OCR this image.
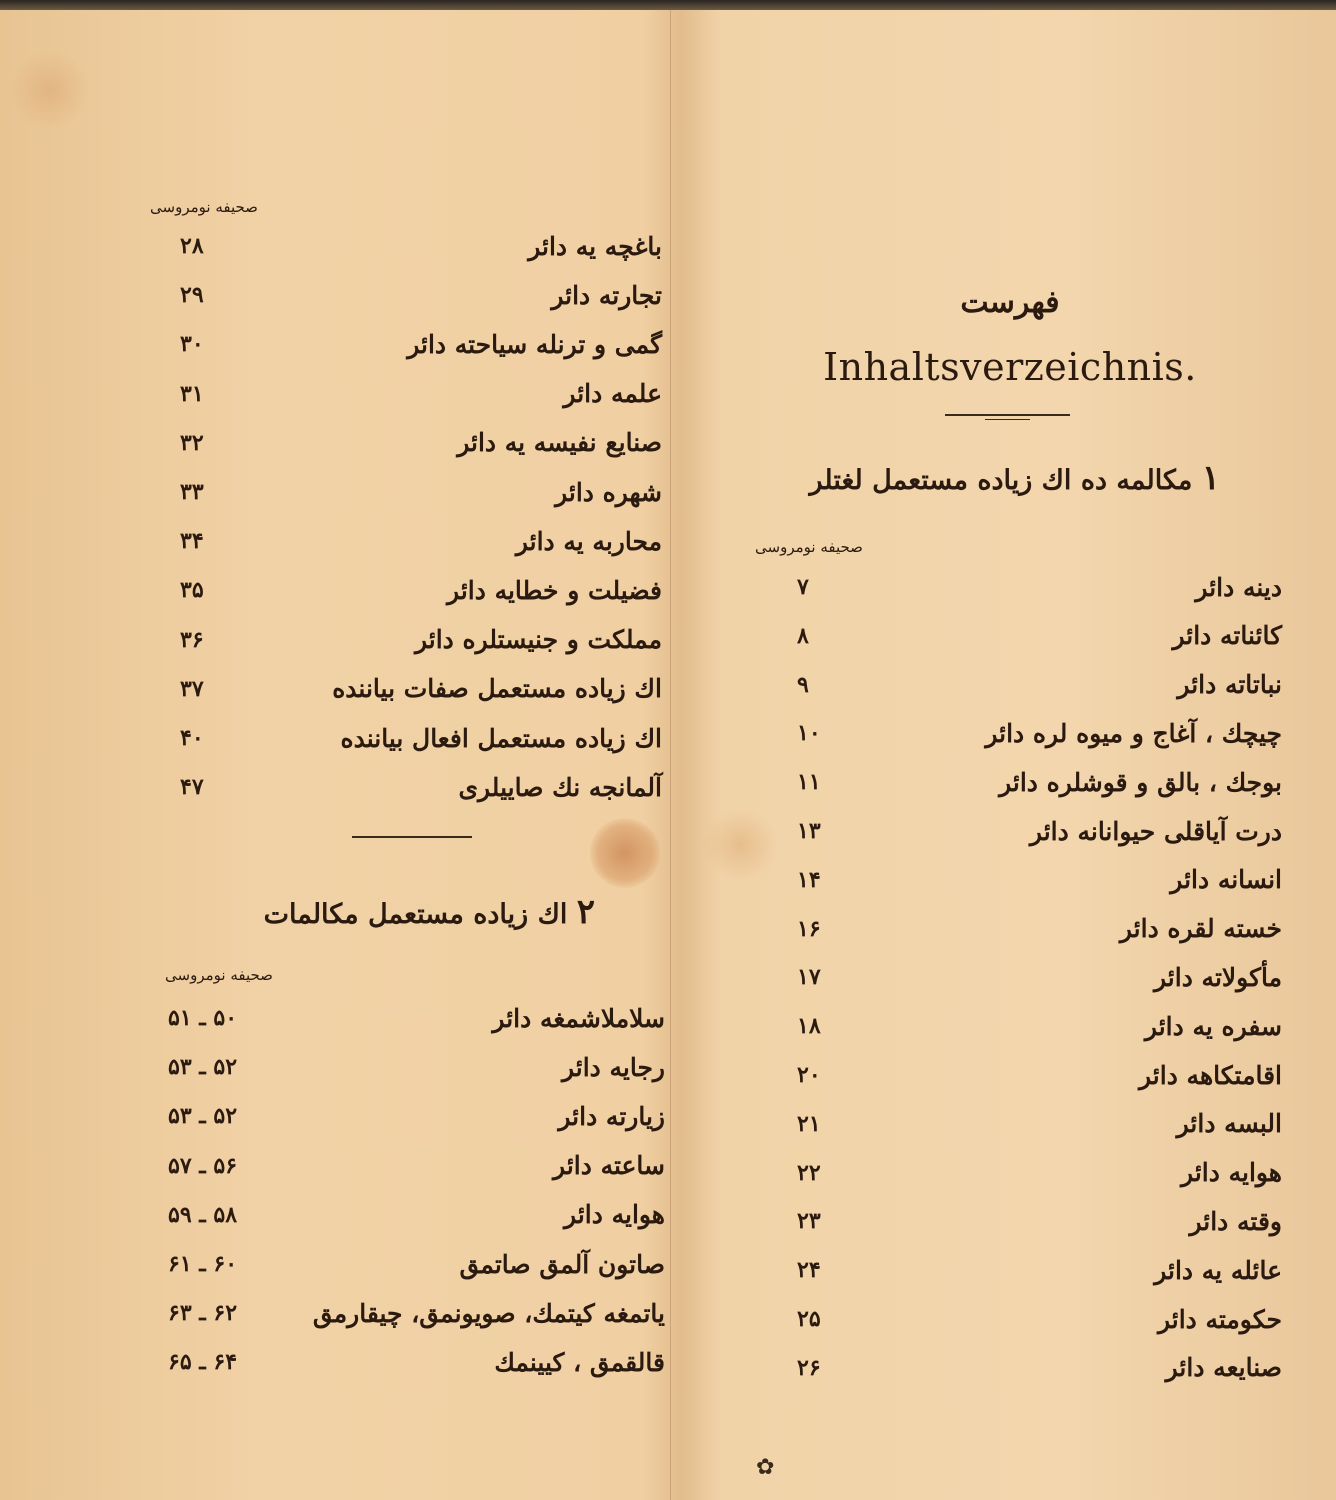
صحیفه نومروسی
باغچه یه دائر
۲۸
تجارته دائر
۲۹
گمی و ترنله سیاحته دائر
۳۰
علمه دائر
۳۱
صنایع نفیسه یه دائر
۳۲
شهره دائر
۳۳
محاربه یه دائر
۳۴
فضیلت و خطایه دائر
۳۵
مملکت و جنیستلره دائر
۳۶
اك زیاده مستعمل صفات بیاننده
۳۷
اك زیاده مستعمل افعال بیاننده
۴۰
آلمانجه نك صاییلری
۴۷
۲ اك زیاده مستعمل مكالمات
صحیفه نومروسی
سلاملاشمغه دائر
۵۰ ـ ۵۱
رجایه دائر
۵۲ ـ ۵۳
زیارته دائر
۵۲ ـ ۵۳
ساعته دائر
۵۶ ـ ۵۷
هوایه دائر
۵۸ ـ ۵۹
صاتون آلمق صاتمق
۶۰ ـ ۶۱
یاتمغه كیتمك، صویونمق، چیقارمق
۶۲ ـ ۶۳
قالقمق ، كیینمك
۶۴ ـ ۶۵
فهرست
Inhaltsverzeichnis.
۱ مكالمه ده اك زیاده مستعمل لغتلر
صحیفه نومروسی
دینه دائر
۷
كائناته دائر
۸
نباتاته دائر
۹
چیچك ، آغاج و میوه لره دائر
۱۰
بوجك ، بالق و قوشلره دائر
۱۱
درت آیاقلی حیوانانه دائر
۱۳
انسانه دائر
۱۴
خسته لقره دائر
۱۶
مأكولاته دائر
۱۷
سفره یه دائر
۱۸
اقامتكاهه دائر
۲۰
البسه دائر
۲۱
هوایه دائر
۲۲
وقته دائر
۲۳
عائله یه دائر
۲۴
حكومته دائر
۲۵
صنایعه دائر
۲۶
✿
